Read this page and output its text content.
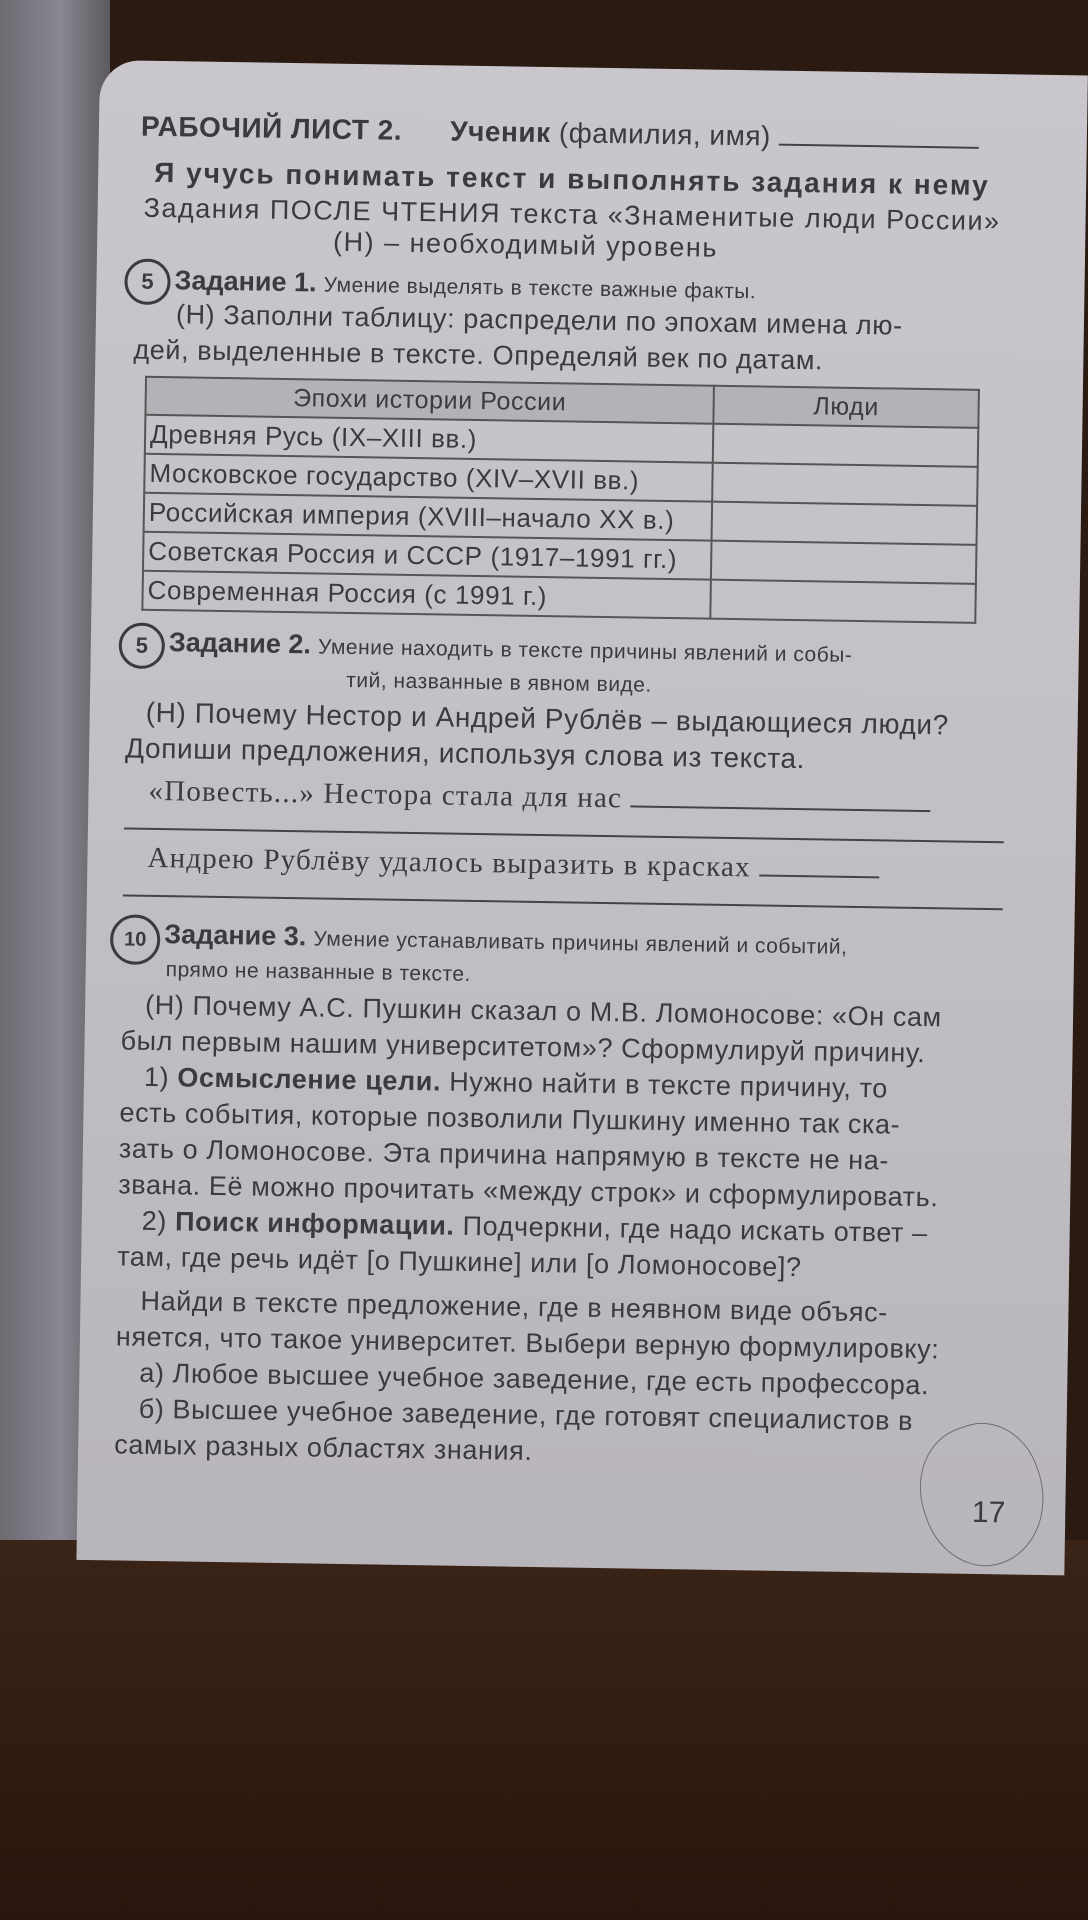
РАБОЧИЙ ЛИСТ 2. Ученик (фамилия, имя)
Я учусь понимать текст и выполнять задания к нему
Задания ПОСЛЕ ЧТЕНИЯ текста «Знаменитые люди России»
(Н) – необходимый уровень
5 Задание 1. Умение выделять в тексте важные факты.
(Н) Заполни таблицу: распредели по эпохам имена лю-
дей, выделенные в тексте. Определяй век по датам.
Эпохи истории России	Люди
Древняя Русь (IX–XIII вв.)	
Московское государство (XIV–XVII вв.)	
Российская империя (XVIII–начало XX в.)	
Советская Россия и СССР (1917–1991 гг.)	
Современная Россия (с 1991 г.)	
5 Задание 2. Умение находить в тексте причины явлений и собы-
тий, названные в явном виде.
(Н) Почему Нестор и Андрей Рублёв – выдающиеся люди?
Допиши предложения, используя слова из текста.
«Повесть...» Нестора стала для нас
Андрею Рублёву удалось выразить в красках
10 Задание 3. Умение устанавливать причины явлений и событий,
прямо не названные в тексте.
(Н) Почему А.С. Пушкин сказал о М.В. Ломоносове: «Он сам
был первым нашим университетом»? Сформулируй причину.
1) Осмысление цели. Нужно найти в тексте причину, то
есть события, которые позволили Пушкину именно так ска-
зать о Ломоносове. Эта причина напрямую в тексте не на-
звана. Её можно прочитать «между строк» и сформулировать.
2) Поиск информации. Подчеркни, где надо искать ответ –
там, где речь идёт [о Пушкине] или [о Ломоносове]?
Найди в тексте предложение, где в неявном виде объяс-
няется, что такое университет. Выбери верную формулировку:
а) Любое высшее учебное заведение, где есть профессора.
б) Высшее учебное заведение, где готовят специалистов в
самых разных областях знания.
17
